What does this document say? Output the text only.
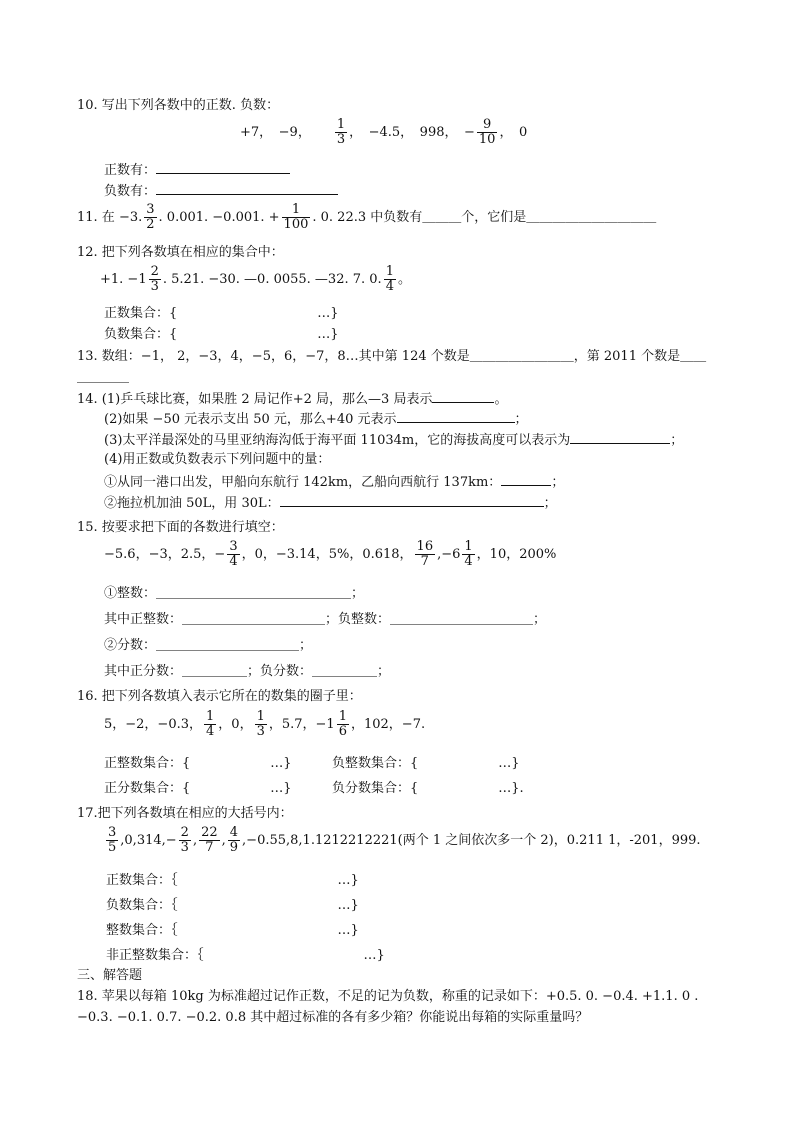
10. 写出下列各数中的正数. 负数：
+7，　−9， $\frac{1}{3}$ ，　−4.5，　998，　− $\frac{9}{10}$ ，　0
正数有：
负数有：
11. 在 −3. $\frac{3}{2}$ . 0.001. −0.001. + $\frac{1}{100}$ . 0. 22.3 中负数有＿＿＿个，它们是＿＿＿＿＿＿＿＿＿＿
12. 把下列各数填在相应的集合中：
+1. $-1 \frac{2}{3}$ . 5.21. −30. —0. 0055. —32. 7. 0. $\frac{1}{4}$ 。
正数集合：{	…}
负数集合：{	…}
13. 数组：−1， 2，−3，4，−5，6，−7，8…其中第 124 个数是＿＿＿＿＿＿＿＿，第 2011 个数是＿＿
＿＿＿＿
14. (1)乒乓球比赛，如果胜 2 局记作+2 局，那么—3 局表示	。
(2)如果 −50 元表示支出 50 元，那么+40 元表示	；
(3)太平洋最深处的马里亚纳海沟低于海平面 11034m，它的海拔高度可以表示为	；
(4)用正数或负数表示下列问题中的量：
①从同一港口出发，甲船向东航行 142km，乙船向西航行 137km：	；
②拖拉机加油 50L，用 30L：	；
15. 按要求把下面的各数进行填空：
−5.6，−3，2.5，− $\frac{3}{4}$ ，0，−3.14，5%，0.618， $\frac{16}{7} ,-6 \frac{1}{4}$ ，10，200%
①整数：＿＿＿＿＿＿＿＿＿＿＿＿＿＿＿；
其中正整数：＿＿＿＿＿＿＿＿＿＿＿；负整数：＿＿＿＿＿＿＿＿＿＿＿；
②分数：＿＿＿＿＿＿＿＿＿＿＿；
其中正分数：＿＿＿＿＿；负分数：＿＿＿＿＿；
16. 把下列各数填入表示它所在的数集的圈子里：
5，−2，−0.3， $\frac{1}{4}$ ，0， $\frac{1}{3}$ ，5.7，$-1 \frac{1}{6}$ ，102，−7.
正整数集合：{	…}	负整数集合：{	…}
正分数集合：{	…}	负分数集合：{	…}.
17.把下列各数填在相应的大括号内：
$\frac{3}{5} ,0,314,- \frac{2}{3}$ , $\frac{22}{7}$ , $\frac{4}{9} ,-0.55,8,1.1212212221$(两个 1 之间依次多一个 2)，0.211 1，-201，999.
正数集合：｛	…}
负数集合：｛	…}
整数集合：｛	…}
非正整数集合：｛	…}
三、解答题
18. 苹果以每箱 10kg 为标准超过记作正数，不足的记为负数，称重的记录如下：+0.5. 0. −0.4. +1.1. 0 .
−0.3. −0.1. 0.7. −0.2. 0.8 其中超过标准的各有多少箱？你能说出每箱的实际重量吗？
